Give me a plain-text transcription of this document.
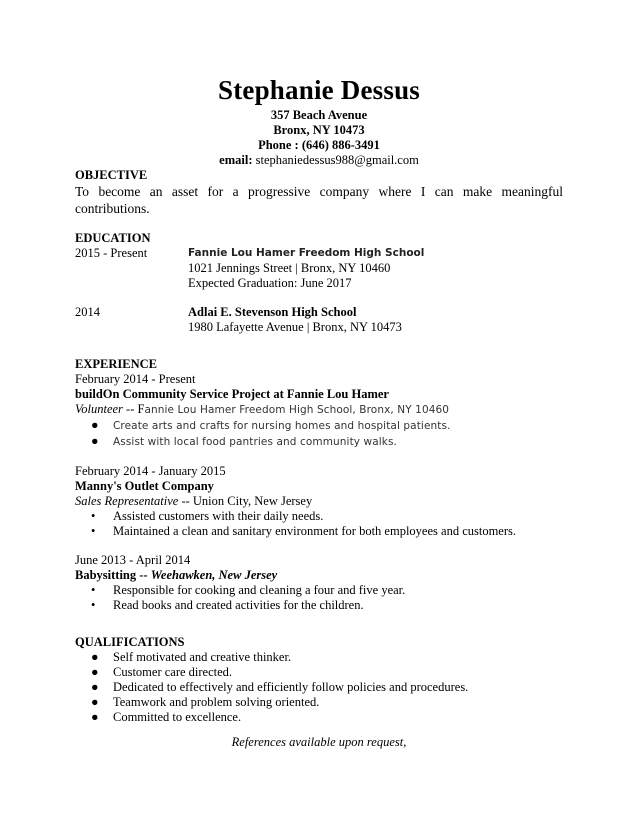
Stephanie Dessus
357 Beach Avenue
Bronx, NY 10473
Phone : (646) 886-3491
email: stephaniedessus988@gmail.com
OBJECTIVE
To become an asset for a progressive company where I can make meaningful contributions.
EDUCATION
2015 - Present	Fannie Lou Hamer Freedom High School
1021 Jennings Street | Bronx, NY 10460
Expected Graduation: June 2017
2014	Adlai E. Stevenson High School
1980 Lafayette Avenue | Bronx, NY 10473
EXPERIENCE
February 2014 - Present
buildOn Community Service Project at Fannie Lou Hamer
Volunteer -- Fannie Lou Hamer Freedom High School, Bronx, NY 10460
● Create arts and crafts for nursing homes and hospital patients.
● Assist with local food pantries and community walks.
February 2014 - January 2015
Manny's Outlet Company
Sales Representative -- Union City, New Jersey
• Assisted customers with their daily needs.
• Maintained a clean and sanitary environment for both employees and customers.
June 2013 - April 2014
Babysitting -- Weehawken, New Jersey
• Responsible for cooking and cleaning a four and five year.
• Read books and created activities for the children.
QUALIFICATIONS
● Self motivated and creative thinker.
● Customer care directed.
● Dedicated to effectively and efficiently follow policies and procedures.
● Teamwork and problem solving oriented.
● Committed to excellence.
References available upon request,
